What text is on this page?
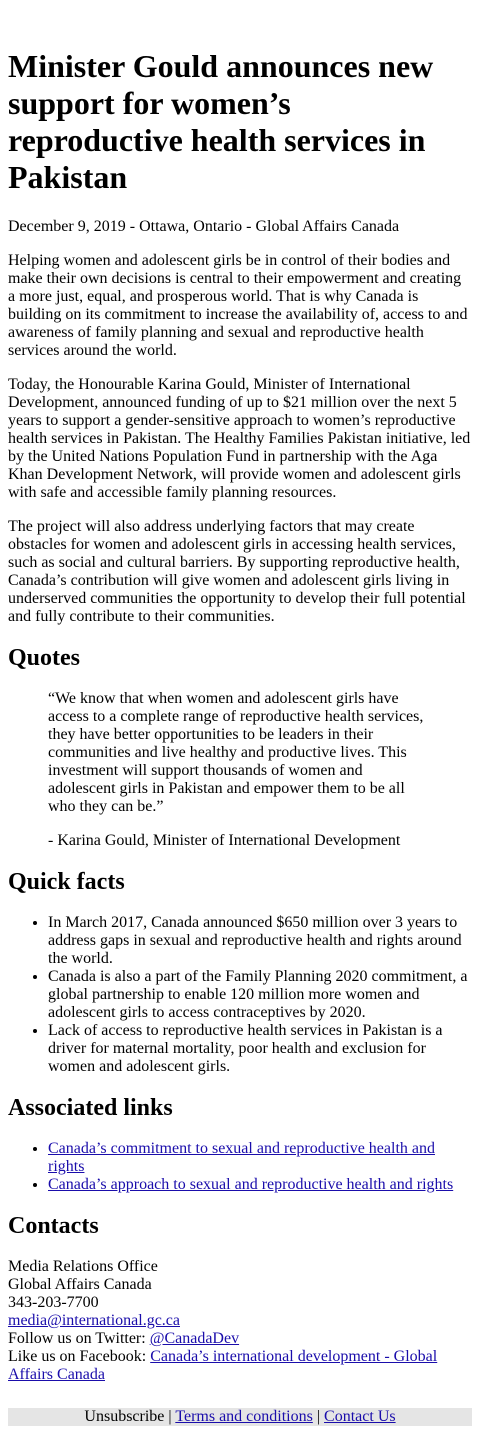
Minister Gould announces new support for women’s reproductive health services in Pakistan

December 9, 2019 - Ottawa, Ontario - Global Affairs Canada

Helping women and adolescent girls be in control of their bodies and make their own decisions is central to their empowerment and creating a more just, equal, and prosperous world. That is why Canada is building on its commitment to increase the availability of, access to and awareness of family planning and sexual and reproductive health services around the world.

Today, the Honourable Karina Gould, Minister of International Development, announced funding of up to $21 million over the next 5 years to support a gender-sensitive approach to women’s reproductive health services in Pakistan. The Healthy Families Pakistan initiative, led by the United Nations Population Fund in partnership with the Aga Khan Development Network, will provide women and adolescent girls with safe and accessible family planning resources.

The project will also address underlying factors that may create obstacles for women and adolescent girls in accessing health services, such as social and cultural barriers. By supporting reproductive health, Canada’s contribution will give women and adolescent girls living in underserved communities the opportunity to develop their full potential and fully contribute to their communities.

Quotes

“We know that when women and adolescent girls have access to a complete range of reproductive health services, they have better opportunities to be leaders in their communities and live healthy and productive lives. This investment will support thousands of women and adolescent girls in Pakistan and empower them to be all who they can be.”

- Karina Gould, Minister of International Development

Quick facts
• In March 2017, Canada announced $650 million over 3 years to address gaps in sexual and reproductive health and rights around the world.
• Canada is also a part of the Family Planning 2020 commitment, a global partnership to enable 120 million more women and adolescent girls to access contraceptives by 2020.
• Lack of access to reproductive health services in Pakistan is a driver for maternal mortality, poor health and exclusion for women and adolescent girls.
Associated links
• Canada’s commitment to sexual and reproductive health and rights
• Canada’s approach to sexual and reproductive health and rights
Contacts
Media Relations Office
Global Affairs Canada
343-203-7700
media@international.gc.ca
Follow us on Twitter: @CanadaDev
Like us on Facebook: Canada’s international development - Global Affairs Canada
Unsubscribe | Terms and conditions | Contact Us
